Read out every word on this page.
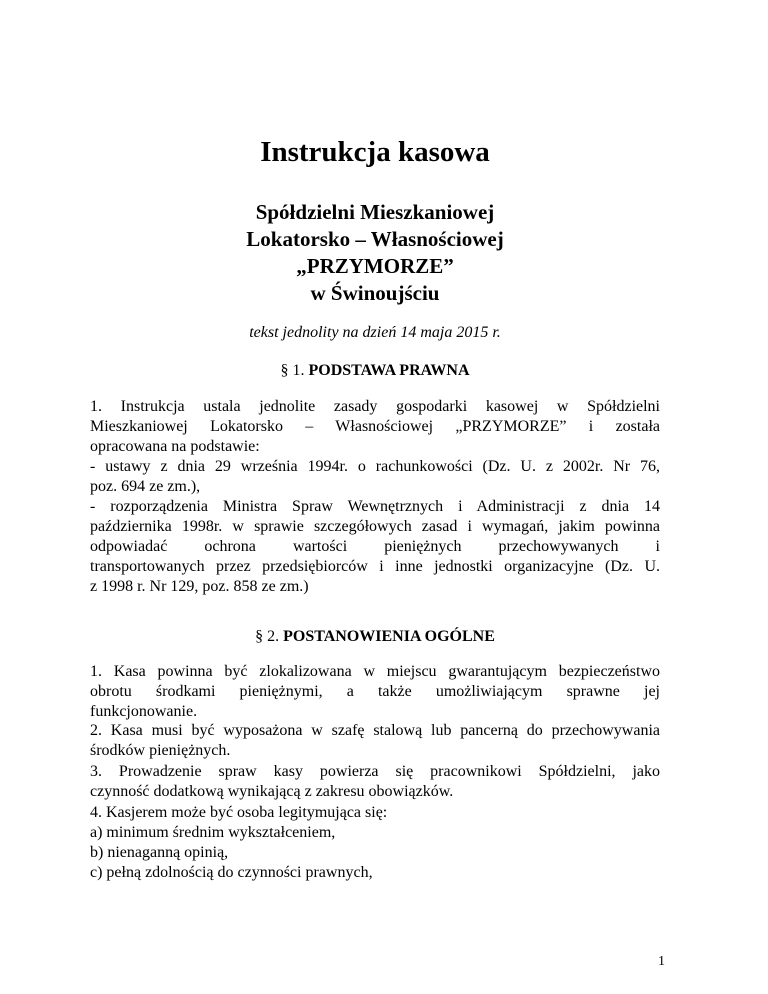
Instrukcja kasowa
Spółdzielni Mieszkaniowej
Lokatorsko – Własnościowej
„PRZYMORZE”
w Świnoujściu
tekst jednolity na dzień 14 maja 2015 r.
§ 1. PODSTAWA PRAWNA
1. Instrukcja ustala jednolite zasady gospodarki kasowej w Spółdzielni
Mieszkaniowej Lokatorsko – Własnościowej „PRZYMORZE” i została
opracowana na podstawie:
- ustawy z dnia 29 września 1994r. o rachunkowości (Dz. U. z 2002r. Nr 76,
poz. 694 ze zm.),
- rozporządzenia Ministra Spraw Wewnętrznych i Administracji z dnia 14
października 1998r. w sprawie szczegółowych zasad i wymagań, jakim powinna
odpowiadać ochrona wartości pieniężnych przechowywanych i
transportowanych przez przedsiębiorców i inne jednostki organizacyjne (Dz. U.
z 1998 r. Nr 129, poz. 858 ze zm.)
§ 2. POSTANOWIENIA OGÓLNE
1. Kasa powinna być zlokalizowana w miejscu gwarantującym bezpieczeństwo
obrotu środkami pieniężnymi, a także umożliwiającym sprawne jej
funkcjonowanie.
2. Kasa musi być wyposażona w szafę stalową lub pancerną do przechowywania
środków pieniężnych.
3. Prowadzenie spraw kasy powierza się pracownikowi Spółdzielni, jako
czynność dodatkową wynikającą z zakresu obowiązków.
4. Kasjerem może być osoba legitymująca się:
a) minimum średnim wykształceniem,
b) nienaganną opinią,
c) pełną zdolnością do czynności prawnych,
1
